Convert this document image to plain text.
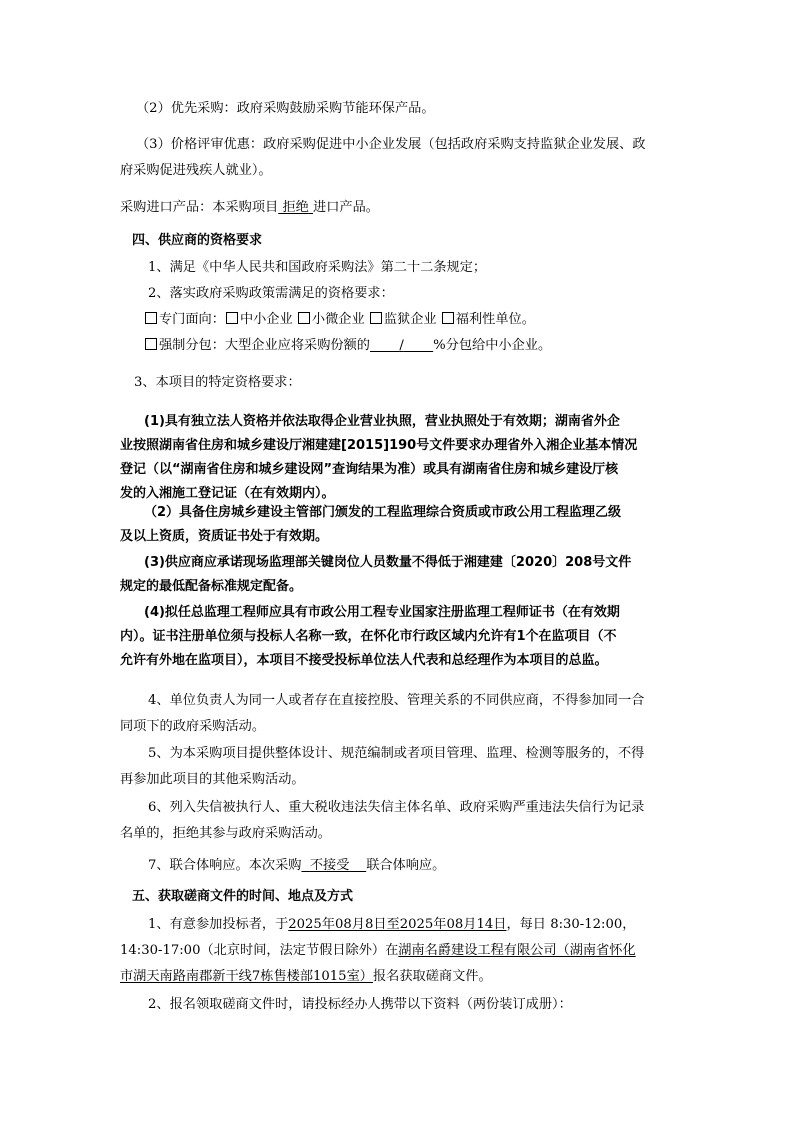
（2）优先采购：政府采购鼓励采购节能环保产品。
（3）价格评审优惠：政府采购促进中小企业发展（包括政府采购支持监狱企业发展、政
府采购促进残疾人就业）。
采购进口产品：本采购项目 拒绝 进口产品。
四、供应商的资格要求
1、满足《中华人民共和国政府采购法》第二十二条规定；
2、落实政府采购政策需满足的资格要求：
专门面向： 中小企业 小微企业 监狱企业 福利性单位。
强制分包：大型企业应将采购份额的 / %分包给中小企业。
3、本项目的特定资格要求：
(1)具有独立法人资格并依法取得企业营业执照，营业执照处于有效期；湖南省外企
业按照湖南省住房和城乡建设厅湘建建[2015]190号文件要求办理省外入湘企业基本情况
登记（以“湖南省住房和城乡建设网”查询结果为准）或具有湖南省住房和城乡建设厅核
发的入湘施工登记证（在有效期内）。
（2）具备住房城乡建设主管部门颁发的工程监理综合资质或市政公用工程监理乙级
及以上资质，资质证书处于有效期。
(3)供应商应承诺现场监理部关键岗位人员数量不得低于湘建建〔2020〕208号文件
规定的最低配备标准规定配备。
(4)拟任总监理工程师应具有市政公用工程专业国家注册监理工程师证书（在有效期
内）。证书注册单位须与投标人名称一致，在怀化市行政区域内允许有1个在监项目（不
允许有外地在监项目），本项目不接受投标单位法人代表和总经理作为本项目的总监。
4、单位负责人为同一人或者存在直接控股、管理关系的不同供应商，不得参加同一合
同项下的政府采购活动。
5、为本采购项目提供整体设计、规范编制或者项目管理、监理、检测等服务的，不得
再参加此项目的其他采购活动。
6、列入失信被执行人、重大税收违法失信主体名单、政府采购严重违法失信行为记录
名单的，拒绝其参与政府采购活动。
7、联合体响应。本次采购 不接受 联合体响应。
五、获取磋商文件的时间、地点及方式
1、有意参加投标者，于2025年08月8日至2025年08月14日，每日 8:30-12:00，
14:30-17:00（北京时间，法定节假日除外）在湖南名爵建设工程有限公司（湖南省怀化
市湖天南路南郡新干线7栋售楼部1015室）报名获取磋商文件。
2、报名领取磋商文件时，请投标经办人携带以下资料（两份装订成册）：
